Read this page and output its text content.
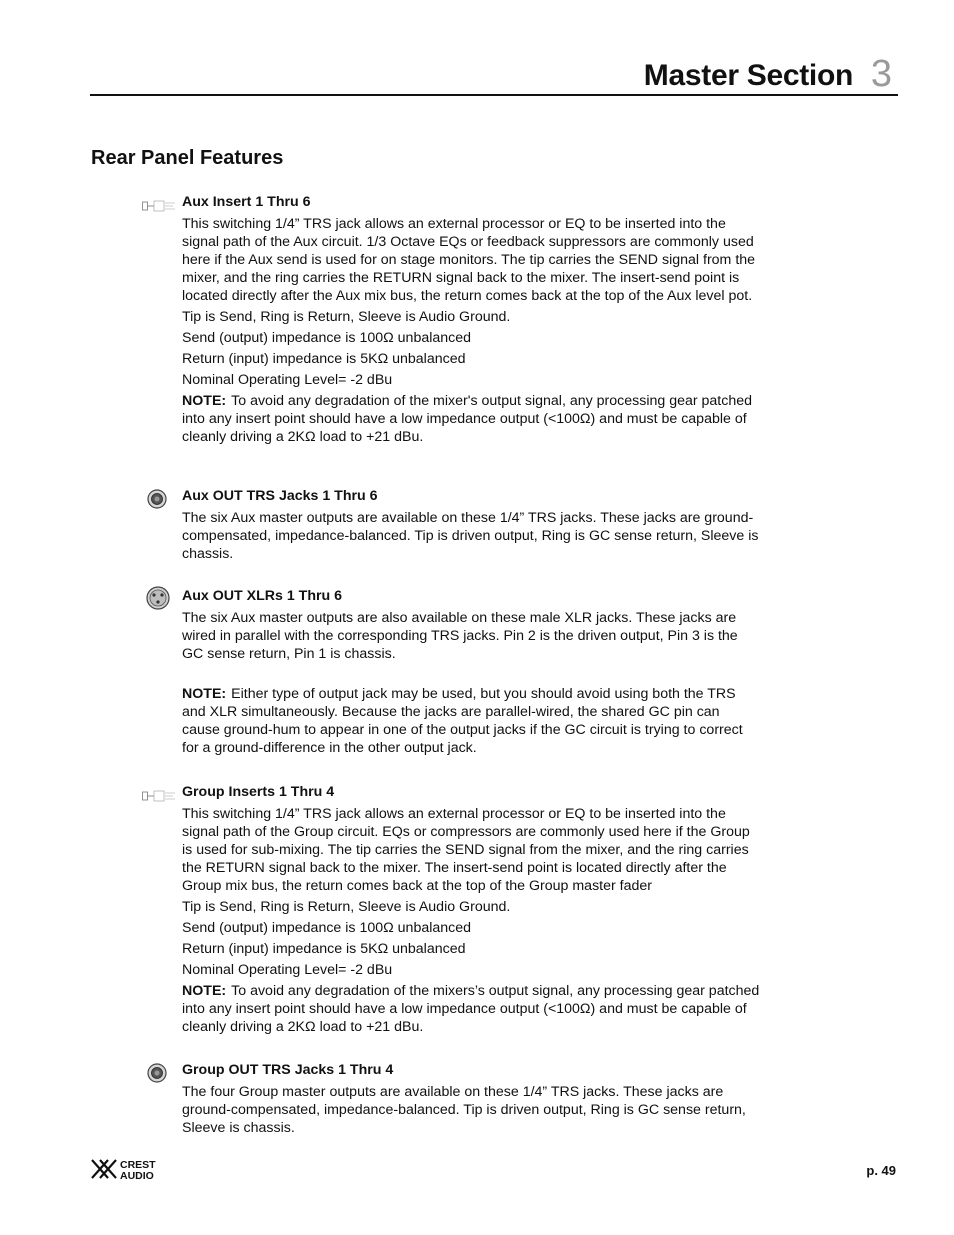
Master Section 3
Rear Panel Features
Aux Insert 1 Thru 6

This switching 1/4” TRS jack allows an external processor or EQ to be inserted into the signal path of the Aux circuit. 1/3 Octave EQs or feedback suppressors are commonly used here if the Aux send is used for on stage monitors. The tip carries the SEND signal from the mixer, and the ring carries the RETURN signal back to the mixer. The insert-send point is located directly after the Aux mix bus, the return comes back at the top of the Aux level pot.

Tip is Send, Ring is Return, Sleeve is Audio Ground.

Send (output) impedance is 100Ω unbalanced

Return (input) impedance is 5KΩ unbalanced

Nominal Operating Level= -2 dBu

NOTE: To avoid any degradation of the mixer's output signal, any processing gear patched into any insert point should have a low impedance output (<100Ω) and must be capable of cleanly driving a 2KΩ load to +21 dBu.

Aux OUT TRS Jacks 1 Thru 6

The six Aux master outputs are available on these 1/4” TRS jacks. These jacks are ground-compensated, impedance-balanced. Tip is driven output, Ring is GC sense return, Sleeve is chassis.

Aux OUT XLRs 1 Thru 6

The six Aux master outputs are also available on these male XLR jacks. These jacks are wired in parallel with the corresponding TRS jacks. Pin 2 is the driven output, Pin 3 is the GC sense return, Pin 1 is chassis.

NOTE: Either type of output jack may be used, but you should avoid using both the TRS and XLR simultaneously. Because the jacks are parallel-wired, the shared GC pin can cause ground-hum to appear in one of the output jacks if the GC circuit is trying to correct for a ground-difference in the other output jack.

Group Inserts 1 Thru 4

This switching 1/4” TRS jack allows an external processor or EQ to be inserted into the signal path of the Group circuit. EQs or compressors are commonly used here if the Group is used for sub-mixing. The tip carries the SEND signal from the mixer, and the ring carries the RETURN signal back to the mixer. The insert-send point is located directly after the Group mix bus, the return comes back at the top of the Group master fader

Tip is Send, Ring is Return, Sleeve is Audio Ground.

Send (output) impedance is 100Ω unbalanced

Return (input) impedance is 5KΩ unbalanced

Nominal Operating Level= -2 dBu

NOTE: To avoid any degradation of the mixers’s output signal, any processing gear patched into any insert point should have a low impedance output (<100Ω) and must be capable of cleanly driving a 2KΩ load to +21 dBu.

Group OUT TRS Jacks 1 Thru 4

The four Group master outputs are available on these 1/4” TRS jacks. These jacks are ground-compensated, impedance-balanced. Tip is driven output, Ring is GC sense return, Sleeve is chassis.

CREST
AUDIO	p. 49
